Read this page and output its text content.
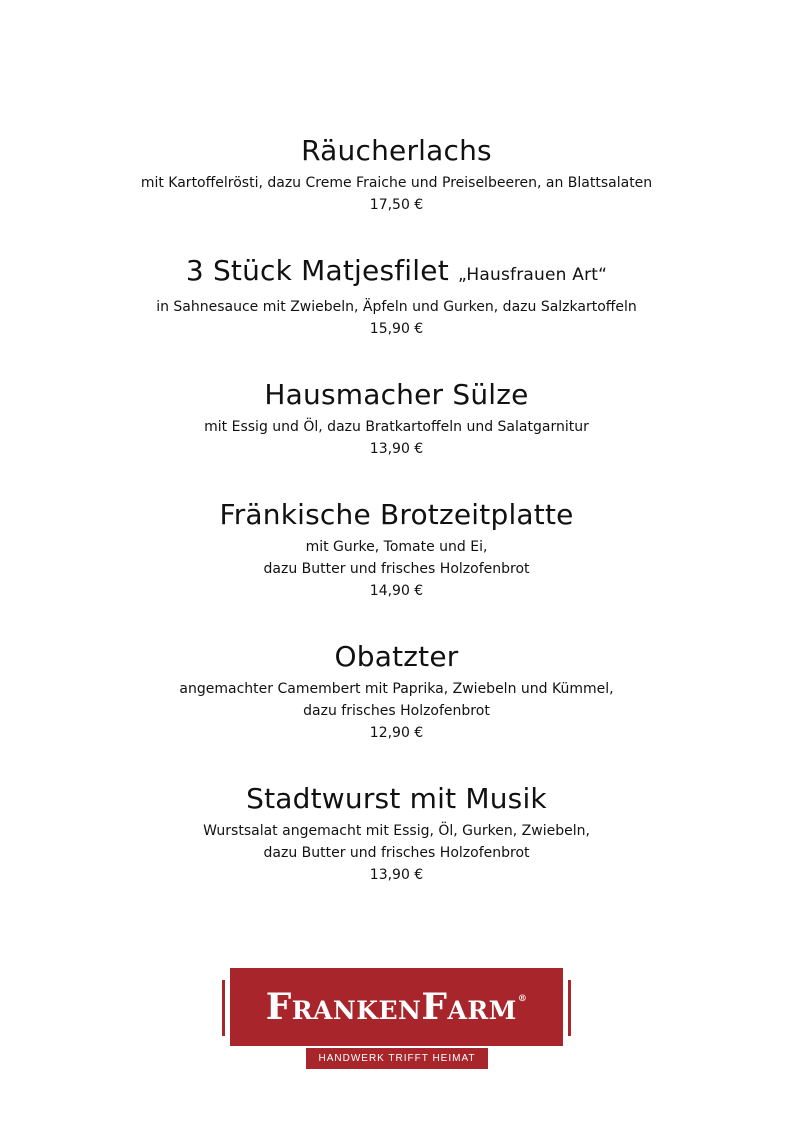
Räucherlachs

mit Kartoffelrösti, dazu Creme Fraiche und Preiselbeeren, an Blattsalaten

17,50 €

3 Stück Matjesfilet „Hausfrauen Art“

in Sahnesauce mit Zwiebeln, Äpfeln und Gurken, dazu Salzkartoffeln

15,90 €

Hausmacher Sülze

mit Essig und Öl, dazu Bratkartoffeln und Salatgarnitur

13,90 €

Fränkische Brotzeitplatte

mit Gurke, Tomate und Ei,

dazu Butter und frisches Holzofenbrot

14,90 €

Obatzter

angemachter Camembert mit Paprika, Zwiebeln und Kümmel,

dazu frisches Holzofenbrot

12,90 €

Stadtwurst mit Musik

Wurstsalat angemacht mit Essig, Öl, Gurken, Zwiebeln,

dazu Butter und frisches Holzofenbrot

13,90 €

FrankenFarm®
HANDWERK TRIFFT HEIMAT
